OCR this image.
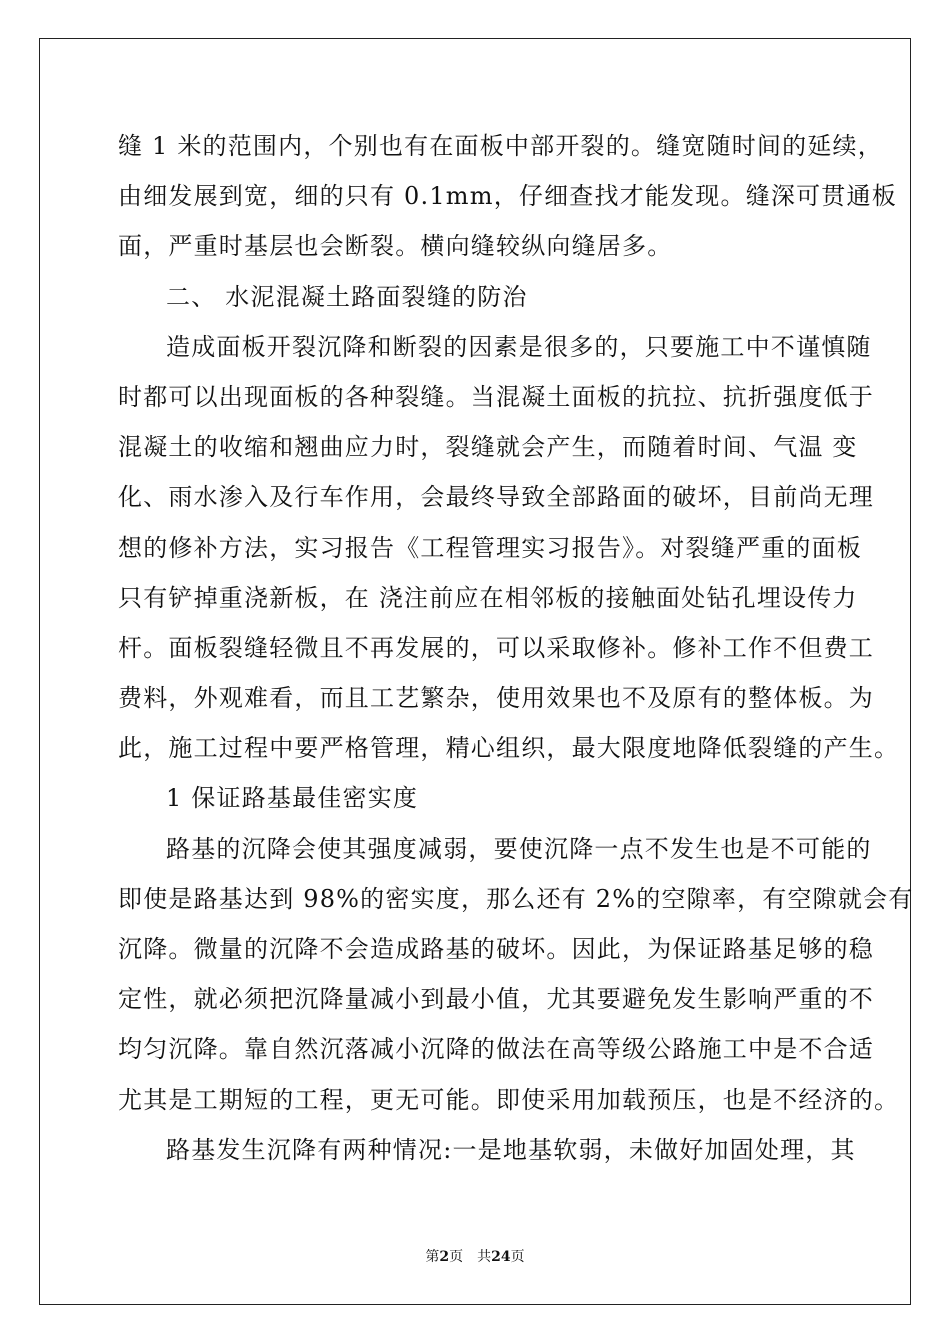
缝 1 米的范围内，个别也有在面板中部开裂的。缝宽随时间的延续，
由细发展到宽，细的只有 0.1mm，仔细查找才能发现。缝深可贯通板
面，严重时基层也会断裂。横向缝较纵向缝居多。
二、 水泥混凝土路面裂缝的防治
造成面板开裂沉降和断裂的因素是很多的，只要施工中不谨慎随
时都可以出现面板的各种裂缝。当混凝土面板的抗拉、抗折强度低于
混凝土的收缩和翘曲应力时，裂缝就会产生，而随着时间、气温 变
化、雨水渗入及行车作用，会最终导致全部路面的破坏，目前尚无理
想的修补方法，实习报告《工程管理实习报告》。对裂缝严重的面板
只有铲掉重浇新板，在 浇注前应在相邻板的接触面处钻孔埋设传力
杆。面板裂缝轻微且不再发展的，可以采取修补。修补工作不但费工
费料，外观难看，而且工艺繁杂，使用效果也不及原有的整体板。为
此，施工过程中要严格管理，精心组织，最大限度地降低裂缝的产生。
1 保证路基最佳密实度
路基的沉降会使其强度减弱，要使沉降一点不发生也是不可能的
即使是路基达到 98%的密实度，那么还有 2%的空隙率，有空隙就会有
沉降。微量的沉降不会造成路基的破坏。因此，为保证路基足够的稳
定性，就必须把沉降量减小到最小值，尤其要避免发生影响严重的不
均匀沉降。靠自然沉落减小沉降的做法在高等级公路施工中是不合适
尤其是工期短的工程，更无可能。即使采用加载预压，也是不经济的。
路基发生沉降有两种情况:一是地基软弱，未做好加固处理，其
第2页　共24页
